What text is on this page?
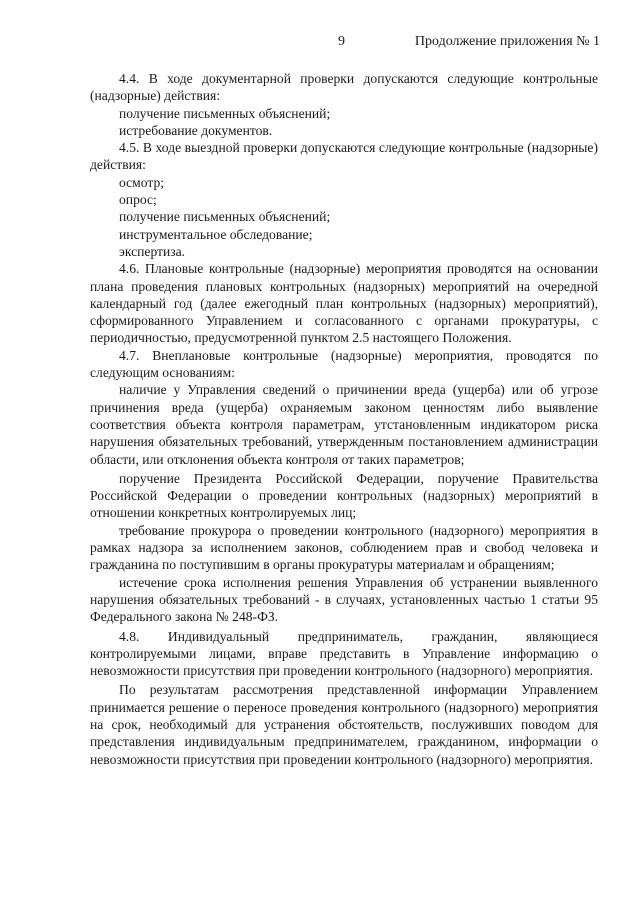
9	Продолжение приложения № 1

4.4. В ходе документарной проверки допускаются следующие контрольные (надзорные) действия:

получение письменных объяснений;

истребование документов.

4.5. В ходе выездной проверки допускаются следующие контрольные (надзорные) действия:

осмотр;

опрос;

получение письменных объяснений;

инструментальное обследование;

экспертиза.

4.6. Плановые контрольные (надзорные) мероприятия проводятся на основании плана проведения плановых контрольных (надзорных) мероприятий на очередной календарный год (далее ежегодный план контрольных (надзорных) мероприятий), сформированного Управлением и согласованного с органами прокуратуры, с периодичностью, предусмотренной пунктом 2.5 настоящего Положения.

4.7. Внеплановые контрольные (надзорные) мероприятия, проводятся по следующим основаниям:

наличие у Управления сведений о причинении вреда (ущерба) или об угрозе причинения вреда (ущерба) охраняемым законом ценностям либо выявление соответствия объекта контроля параметрам, утстановленным индикатором риска нарушения обязательных требований, утвержденным постановлением администрации области, или отклонения объекта контроля от таких параметров;

поручение Президента Российской Федерации, поручение Правительства Российской Федерации о проведении контрольных (надзорных) мероприятий в отношении конкретных контролируемых лиц;

требование прокурора о проведении контрольного (надзорного) мероприятия в рамках надзора за исполнением законов, соблюдением прав и свобод человека и гражданина по поступившим в органы прокуратуры материалам и обращениям;

истечение срока исполнения решения Управления об устранении выявленного нарушения обязательных требований - в случаях, установленных частью 1 статьи 95 Федерального закона № 248-ФЗ.

4.8. Индивидуальный предприниматель, гражданин, являющиеся контролируемыми лицами, вправе представить в Управление информацию о невозможности присутствия при проведении контрольного (надзорного) мероприятия.

По результатам рассмотрения представленной информации Управлением принимается решение о переносе проведения контрольного (надзорного) мероприятия на срок, необходимый для устранения обстоятельств, послуживших поводом для представления индивидуальным предпринимателем, гражданином, информации о невозможности присутствия при проведении контрольного (надзорного) мероприятия.
